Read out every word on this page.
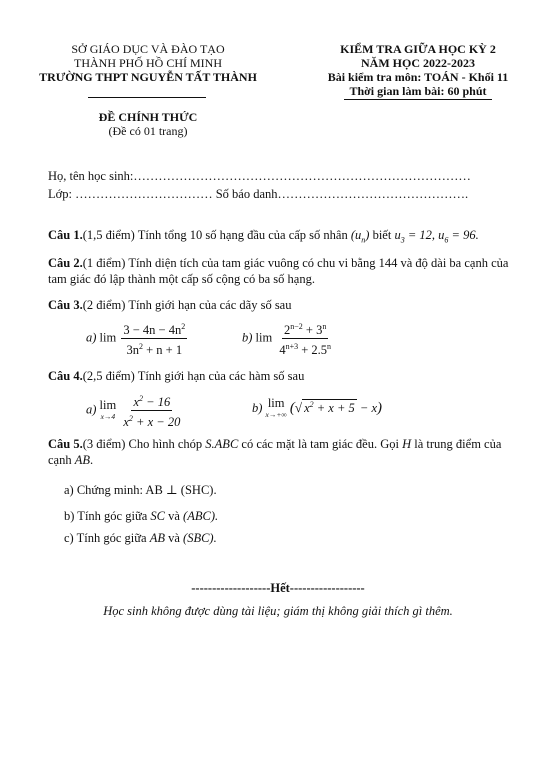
SỞ GIÁO DỤC VÀ ĐÀO TẠO
THÀNH PHỐ HỒ CHÍ MINH
TRƯỜNG THPT NGUYỄN TẤT THÀNH
ĐỀ CHÍNH THỨC
(Đề có 01 trang)
KIỂM TRA GIỮA HỌC KỲ 2
NĂM HỌC 2022-2023
Bài kiểm tra môn: TOÁN - Khối 11
Thời gian làm bài: 60 phút
Họ, tên học sinh:………………………………………………………………………
Lớp: …………………………… Số báo danh……………………………………….
Câu 1.(1,5 điểm) Tính tổng 10 số hạng đầu của cấp số nhân $(u_n)$ biết $u_3 = 12$, $u_6 = 96$.
Câu 2.(1 điểm) Tính diện tích của tam giác vuông có chu vi bằng 144 và độ dài ba cạnh của tam giác đó lập thành một cấp số cộng có ba số hạng.
Câu 3.(2 điểm) Tính giới hạn của các dãy số sau
a) $\lim \frac{3 - 4n - 4n^2}{3n^2 + n + 1}$	b) $\lim \frac{2^{n-2} + 3^n}{4^{n+3} + 2.5^n}$
Câu 4.(2,5 điểm) Tính giới hạn của các hàm số sau
a) lim
x→4
$\frac{x^2 - 16}{x^2 + x - 20}$	b) lim
x→+∞ (√ $x^2 + x + 5 - x$)
Câu 5.(3 điểm) Cho hình chóp S.ABC có các mặt là tam giác đều. Gọi H là trung điểm của cạnh AB.
a) Chứng minh: AB ⊥ (SHC).
b) Tính góc giữa SC và (ABC).
c) Tính góc giữa AB và (SBC).
-------------------Hết------------------
Học sinh không được dùng tài liệu; giám thị không giải thích gì thêm.
